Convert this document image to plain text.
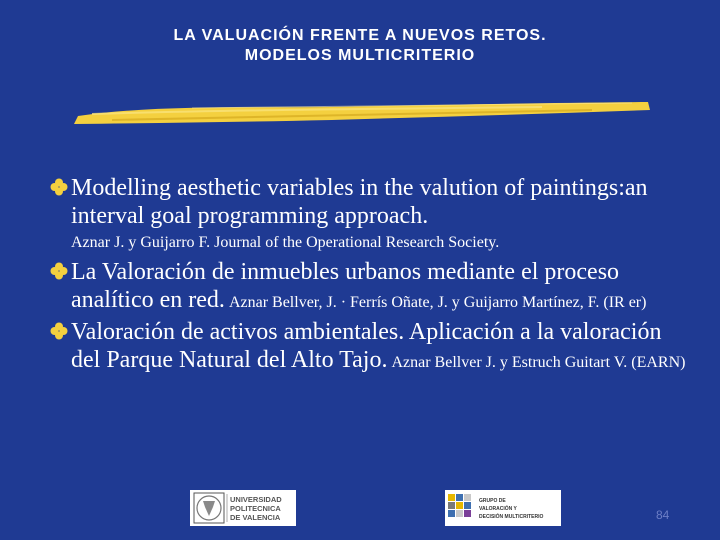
LA VALUACIÓN FRENTE A NUEVOS RETOS.
MODELOS MULTICRITERIO
Modelling aesthetic variables in the valution of paintings:an interval goal programming approach.
Aznar J. y Guijarro F. Journal of the Operational Research Society.
La Valoración de inmuebles urbanos mediante el proceso analítico en red. Aznar Bellver, J. · Ferrís Oñate, J. y Guijarro Martínez, F. (IR er)
Valoración de activos ambientales. Aplicación a la valoración del Parque Natural del Alto Tajo. Aznar Bellver J. y Estruch Guitart V. (EARN)
UNIVERSIDAD
POLITECNICA
DE VALENCIA
GRUPO DE
VALORACIÓN Y
DECISIÓN MULTICRITERIO	84
